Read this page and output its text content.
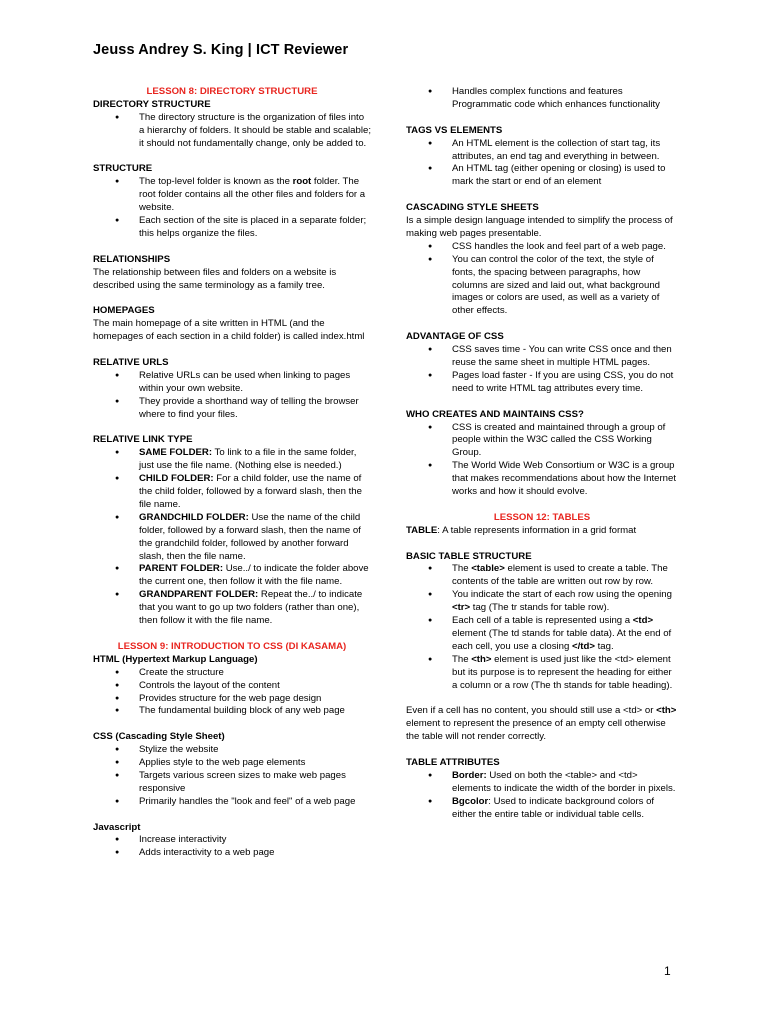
Jeuss Andrey S. King | ICT Reviewer
LESSON 8: DIRECTORY STRUCTURE
DIRECTORY STRUCTURE
● The directory structure is the organization of files into a hierarchy of folders. It should be stable and scalable; it should not fundamentally change, only be added to.
STRUCTURE
● The top-level folder is known as the root folder. The root folder contains all the other files and folders for a website.
● Each section of the site is placed in a separate folder; this helps organize the files.
RELATIONSHIPS
The relationship between files and folders on a website is described using the same terminology as a family tree.
HOMEPAGES
The main homepage of a site written in HTML (and the homepages of each section in a child folder) is called index.html
RELATIVE URLS
● Relative URLs can be used when linking to pages within your own website.
● They provide a shorthand way of telling the browser where to find your files.
RELATIVE LINK TYPE
● SAME FOLDER: To link to a file in the same folder, just use the file name. (Nothing else is needed.)
● CHILD FOLDER: For a child folder, use the name of the child folder, followed by a forward slash, then the file name.
● GRANDCHILD FOLDER: Use the name of the child folder, followed by a forward slash, then the name of the grandchild folder, followed by another forward slash, then the file name.
● PARENT FOLDER: Use../ to indicate the folder above the current one, then follow it with the file name.
● GRANDPARENT FOLDER: Repeat the../ to indicate that you want to go up two folders (rather than one), then follow it with the file name.
LESSON 9: INTRODUCTION TO CSS (DI KASAMA)
HTML (Hypertext Markup Language)
● Create the structure
● Controls the layout of the content
● Provides structure for the web page design
● The fundamental building block of any web page
CSS (Cascading Style Sheet)
● Stylize the website
● Applies style to the web page elements
● Targets various screen sizes to make web pages responsive
● Primarily handles the "look and feel" of a web page
Javascript
● Increase interactivity
● Adds interactivity to a web page
● Handles complex functions and features Programmatic code which enhances functionality
TAGS VS ELEMENTS
● An HTML element is the collection of start tag, its attributes, an end tag and everything in between.
● An HTML tag (either opening or closing) is used to mark the start or end of an element
CASCADING STYLE SHEETS
Is a simple design language intended to simplify the process of making web pages presentable.
● CSS handles the look and feel part of a web page.
● You can control the color of the text, the style of fonts, the spacing between paragraphs, how columns are sized and laid out, what background images or colors are used, as well as a variety of other effects.
ADVANTAGE OF CSS
● CSS saves time - You can write CSS once and then reuse the same sheet in multiple HTML pages.
● Pages load faster - If you are using CSS, you do not need to write HTML tag attributes every time.
WHO CREATES AND MAINTAINS CSS?
● CSS is created and maintained through a group of people within the W3C called the CSS Working Group.
● The World Wide Web Consortium or W3C is a group that makes recommendations about how the Internet works and how it should evolve.
LESSON 12: TABLES
TABLE: A table represents information in a grid format
BASIC TABLE STRUCTURE
● The <table> element is used to create a table. The contents of the table are written out row by row.
● You indicate the start of each row using the opening <tr> tag (The tr stands for table row).
● Each cell of a table is represented using a <td> element (The td stands for table data). At the end of each cell, you use a closing </td> tag.
● The <th> element is used just like the <td> element but its purpose is to represent the heading for either a column or a row (The th stands for table heading).
Even if a cell has no content, you should still use a <td> or <th> element to represent the presence of an empty cell otherwise the table will not render correctly.
TABLE ATTRIBUTES
● Border: Used on both the <table> and <td> elements to indicate the width of the border in pixels.
● Bgcolor: Used to indicate background colors of either the entire table or individual table cells.
1
